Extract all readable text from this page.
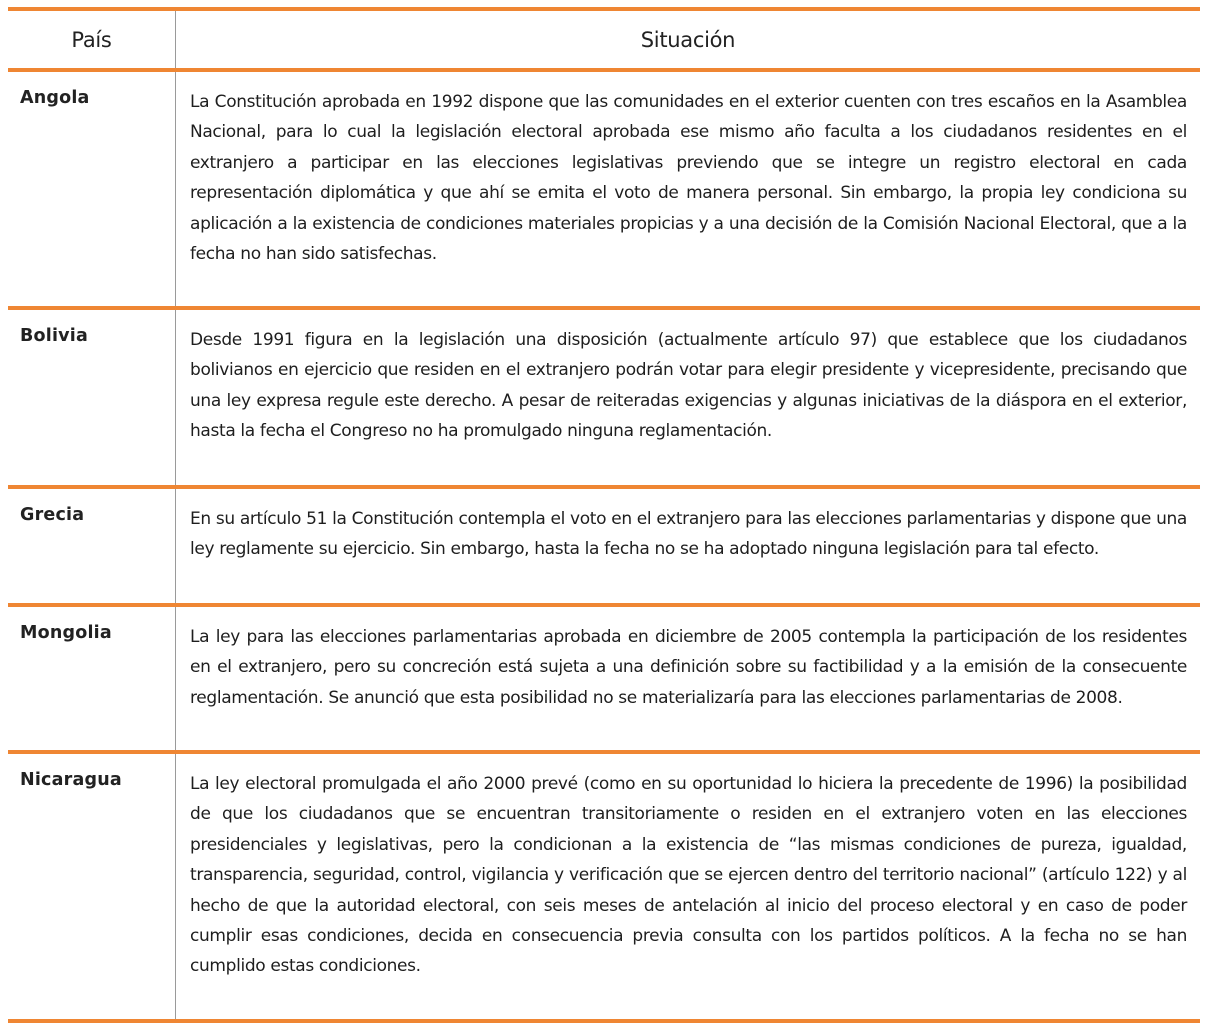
País	Situación
Angola	La Constitución aprobada en 1992 dispone que las comunidades en el exterior cuenten con tres escaños en la Asamblea Nacional, para lo cual la legislación electoral aprobada ese mismo año faculta a los ciudadanos residentes en el extranjero a participar en las elecciones legislativas previendo que se integre un registro electoral en cada representación diplomática y que ahí se emita el voto de manera personal. Sin embargo, la propia ley condiciona su aplicación a la existencia de condiciones materiales propicias y a una decisión de la Comisión Nacional Electoral, que a la fecha no han sido satisfechas.
Bolivia	Desde 1991 figura en la legislación una disposición (actualmente artículo 97) que establece que los ciudadanos bolivianos en ejercicio que residen en el extranjero podrán votar para elegir presidente y vicepresidente, precisando que una ley expresa regule este derecho. A pesar de reiteradas exigencias y algunas iniciativas de la diáspora en el exterior, hasta la fecha el Congreso no ha promulgado ninguna reglamentación.
Grecia	En su artículo 51 la Constitución contempla el voto en el extranjero para las elecciones parlamentarias y dispone que una ley reglamente su ejercicio. Sin embargo, hasta la fecha no se ha adoptado ninguna legislación para tal efecto.
Mongolia	La ley para las elecciones parlamentarias aprobada en diciembre de 2005 contempla la participación de los residentes en el extranjero, pero su concreción está sujeta a una definición sobre su factibilidad y a la emisión de la consecuente reglamentación. Se anunció que esta posibilidad no se materializaría para las elecciones parlamentarias de 2008.
Nicaragua	La ley electoral promulgada el año 2000 prevé (como en su oportunidad lo hiciera la precedente de 1996) la posibilidad de que los ciudadanos que se encuentran transitoriamente o residen en el extranjero voten en las elecciones presidenciales y legislativas, pero la condicionan a la existencia de “las mismas condiciones de pureza, igualdad, transparencia, seguridad, control, vigilancia y verificación que se ejercen dentro del territorio nacional” (artículo 122) y al hecho de que la autoridad electoral, con seis meses de antelación al inicio del proceso electoral y en caso de poder cumplir esas condiciones, decida en consecuencia previa consulta con los partidos políticos. A la fecha no se han cumplido estas condiciones.
